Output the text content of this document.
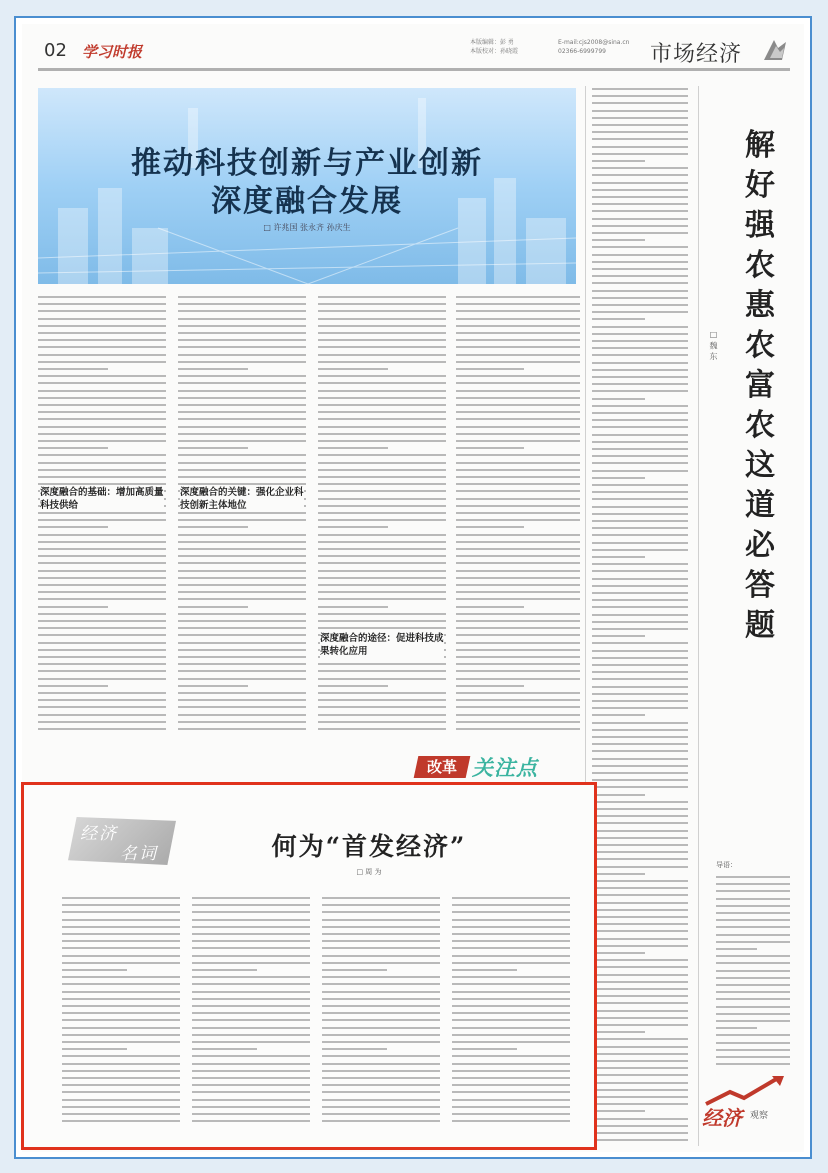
02 学习时报
本版编辑：彭 勇
本版校对：孙晓霞
E-mail:cjs2008@sina.cn
02366-6999799	市场经济
推动科技创新与产业创新
深度融合发展
□ 许兆国 张永齐 孙庆生
深度融合的基础：增加高质量科技供给
深度融合的关键：强化企业科技创新主体地位
深度融合的途径：促进科技成果转化应用
解
好
强
农
惠
农
富
农
这
道
必
答
题
□ 魏 东
导语：
改革 关注点
经济
名词	何为“首发经济”
□ 周 为
经济 观察
